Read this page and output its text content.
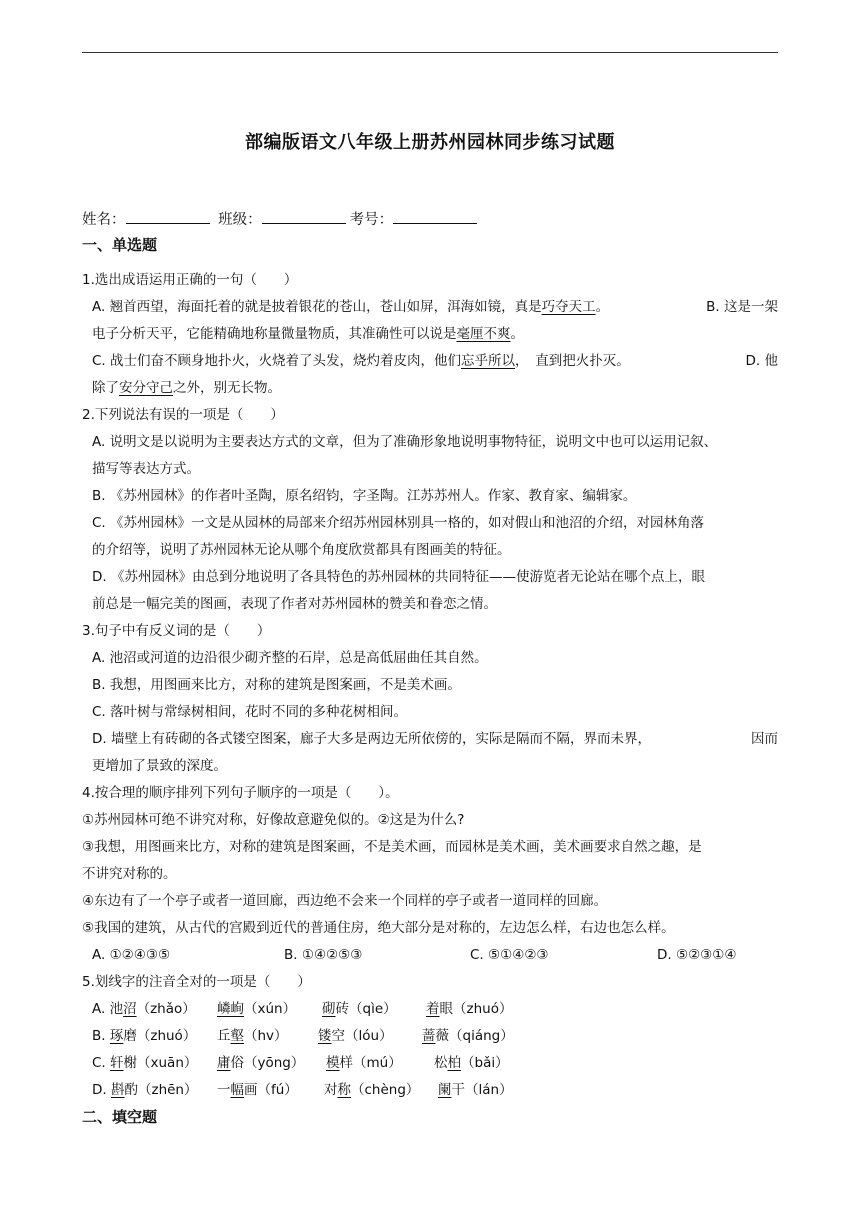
部编版语文八年级上册苏州园林同步练习试题
姓名：	班级：	考号：
一、单选题
1.选出成语运用正确的一句（　　）
A. 翘首西望，海面托着的就是披着银花的苍山，苍山如屏，洱海如镜，真是巧夺天工。	B. 这是一架
电子分析天平，它能精确地称量微量物质，其准确性可以说是毫厘不爽。
C. 战士们奋不顾身地扑火，火烧着了头发，烧灼着皮肉，他们忘乎所以，　直到把火扑灭。	D. 他
除了安分守己之外，别无长物。
2.下列说法有误的一项是（　　）
A. 说明文是以说明为主要表达方式的文章，但为了准确形象地说明事物特征，说明文中也可以运用记叙、
描写等表达方式。
B. 《苏州园林》的作者叶圣陶，原名绍钧，字圣陶。江苏苏州人。作家、教育家、编辑家。
C. 《苏州园林》一文是从园林的局部来介绍苏州园林别具一格的，如对假山和池沼的介绍，对园林角落
的介绍等，说明了苏州园林无论从哪个角度欣赏都具有图画美的特征。
D. 《苏州园林》由总到分地说明了各具特色的苏州园林的共同特征——使游览者无论站在哪个点上，眼
前总是一幅完美的图画，表现了作者对苏州园林的赞美和眷恋之情。
3.句子中有反义词的是（　　）
A. 池沼或河道的边沿很少砌齐整的石岸，总是高低屈曲任其自然。
B. 我想，用图画来比方，对称的建筑是图案画，不是美术画。
C. 落叶树与常绿树相间，花时不同的多种花树相间。
D. 墙壁上有砖砌的各式镂空图案，廊子大多是两边无所依傍的，实际是隔而不隔，界而未界，	因而
更增加了景致的深度。
4.按合理的顺序排列下列句子顺序的一项是（　　）。
①苏州园林可绝不讲究对称，好像故意避免似的。②这是为什么?
③我想，用图画来比方，对称的建筑是图案画，不是美术画，而园林是美术画，美术画要求自然之趣，是
不讲究对称的。
④东边有了一个亭子或者一道回廊，西边绝不会来一个同样的亭子或者一道同样的回廊。
⑤我国的建筑，从古代的宫殿到近代的普通住房，绝大部分是对称的，左边怎么样，右边也怎么样。
A. ①②④③⑤	B. ①④②⑤③	C. ⑤①④②③	D. ⑤②③①④
5.划线字的注音全对的一项是（　　）
A. 池沼（zhǎo） 嶙峋（xún） 砌砖（qìe） 着眼（zhuó）
B. 琢磨（zhuó） 丘壑（hv） 镂空（lóu） 蔷薇（qiáng）
C. 轩榭（xuān） 庸俗（yōng） 模样（mú） 松柏（bǎi）
D. 斟酌（zhēn） 一幅画（fú） 对称（chèng） 阑干（lán）
二、填空题
